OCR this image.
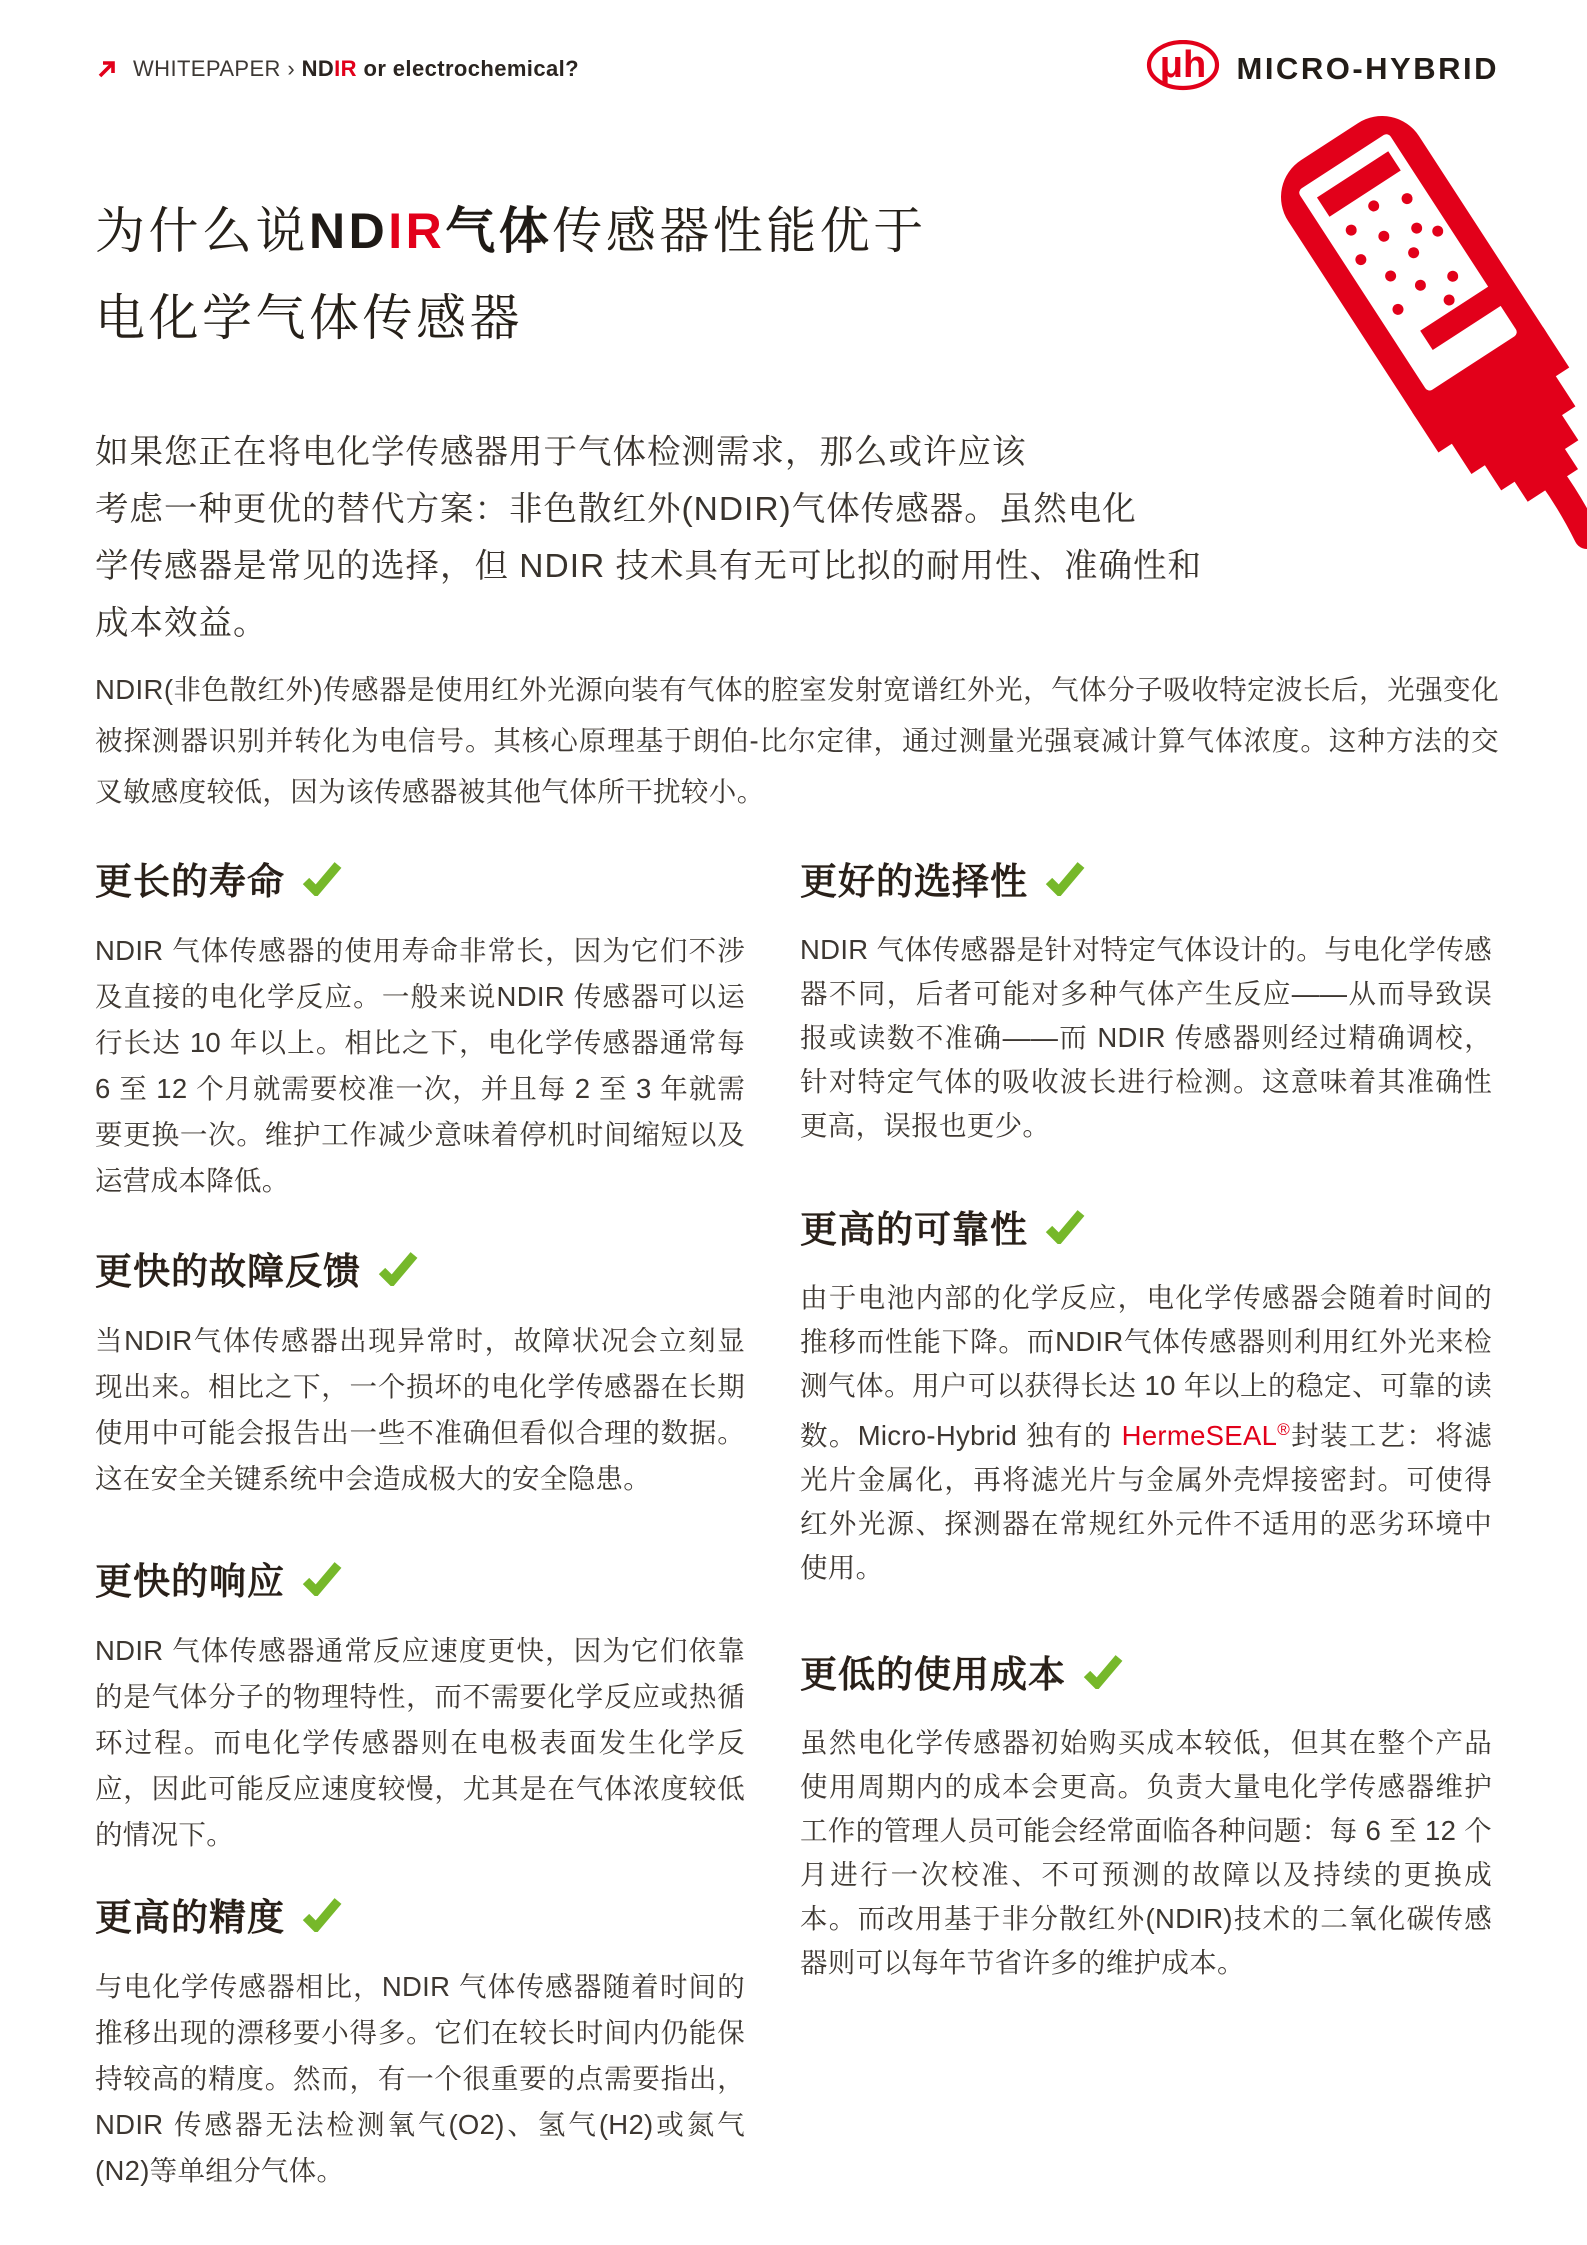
WHITEPAPER › NDIR or electrochemical?	μh MICRO-HYBRID
为什么说NDIR气体传感器性能优于
电化学气体传感器
如果您正在将电化学传感器用于气体检测需求，那么或许应该
考虑一种更优的替代方案：非色散红外(NDIR)气体传感器。虽然电化
学传感器是常见的选择，但 NDIR 技术具有无可比拟的耐用性、准确性和
成本效益。
NDIR(非色散红外)传感器是使用红外光源向装有气体的腔室发射宽谱红外光，气体分子吸收特定波长后，光强变化被探测器识别并转化为电信号。其核心原理基于朗伯-比尔定律，通过测量光强衰减计算气体浓度。这种方法的交叉敏感度较低，因为该传感器被其他气体所干扰较小。
更长的寿命
NDIR 气体传感器的使用寿命非常长，因为它们不涉及直接的电化学反应。一般来说NDIR 传感器可以运行长达 10 年以上。相比之下，电化学传感器通常每 6 至 12 个月就需要校准一次，并且每 2 至 3 年就需要更换一次。维护工作减少意味着停机时间缩短以及运营成本降低。
更快的故障反馈
当NDIR气体传感器出现异常时，故障状况会立刻显现出来。相比之下，一个损坏的电化学传感器在长期使用中可能会报告出一些不准确但看似合理的数据。这在安全关键系统中会造成极大的安全隐患。
更快的响应
NDIR 气体传感器通常反应速度更快，因为它们依靠的是气体分子的物理特性，而不需要化学反应或热循环过程。而电化学传感器则在电极表面发生化学反应，因此可能反应速度较慢，尤其是在气体浓度较低的情况下。
更高的精度
与电化学传感器相比，NDIR 气体传感器随着时间的推移出现的漂移要小得多。它们在较长时间内仍能保持较高的精度。然而，有一个很重要的点需要指出，NDIR 传感器无法检测氧气(O2)、氢气(H2)或氮气(N2)等单组分气体。
更好的选择性
NDIR 气体传感器是针对特定气体设计的。与电化学传感器不同，后者可能对多种气体产生反应——从而导致误报或读数不准确——而 NDIR 传感器则经过精确调校，针对特定气体的吸收波长进行检测。这意味着其准确性更高，误报也更少。
更高的可靠性
由于电池内部的化学反应，电化学传感器会随着时间的推移而性能下降。而NDIR气体传感器则利用红外光来检测气体。用户可以获得长达 10 年以上的稳定、可靠的读数。Micro-Hybrid 独有的 HermeSEAL®封装工艺：将滤光片金属化，再将滤光片与金属外壳焊接密封。可使得红外光源、探测器在常规红外元件不适用的恶劣环境中使用。
更低的使用成本
虽然电化学传感器初始购买成本较低，但其在整个产品使用周期内的成本会更高。负责大量电化学传感器维护工作的管理人员可能会经常面临各种问题：每 6 至 12 个月进行一次校准、不可预测的故障以及持续的更换成本。而改用基于非分散红外(NDIR)技术的二氧化碳传感器则可以每年节省许多的维护成本。
